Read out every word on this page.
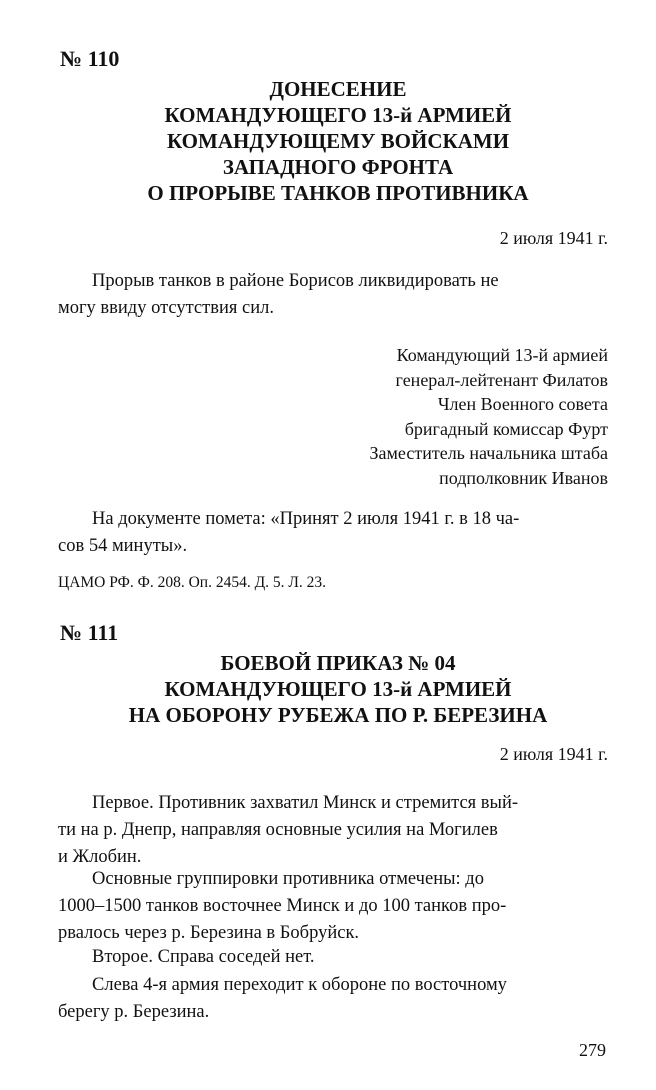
№ 110
ДОНЕСЕНИЕ
КОМАНДУЮЩЕГО 13-й АРМИЕЙ
КОМАНДУЮЩЕМУ ВОЙСКАМИ
ЗАПАДНОГО ФРОНТА
О ПРОРЫВЕ ТАНКОВ ПРОТИВНИКА
2 июля 1941 г.
Прорыв танков в районе Борисов ликвидировать не
могу ввиду отсутствия сил.
Командующий 13-й армией
генерал-лейтенант Филатов
Член Военного совета
бригадный комиссар Фурт
Заместитель начальника штаба
подполковник Иванов
На документе помета: «Принят 2 июля 1941 г. в 18 ча-
сов 54 минуты».
ЦАМО РФ. Ф. 208. Оп. 2454. Д. 5. Л. 23.
№ 111
БОЕВОЙ ПРИКАЗ № 04
КОМАНДУЮЩЕГО 13-й АРМИЕЙ
НА ОБОРОНУ РУБЕЖА ПО Р. БЕРЕЗИНА
2 июля 1941 г.
Первое. Противник захватил Минск и стремится вый-
ти на р. Днепр, направляя основные усилия на Могилев
и Жлобин.
Основные группировки противника отмечены: до
1000–1500 танков восточнее Минск и до 100 танков про-
рвалось через р. Березина в Бобруйск.
Второе. Справа соседей нет.
Слева 4-я армия переходит к обороне по восточному
берегу р. Березина.
279
